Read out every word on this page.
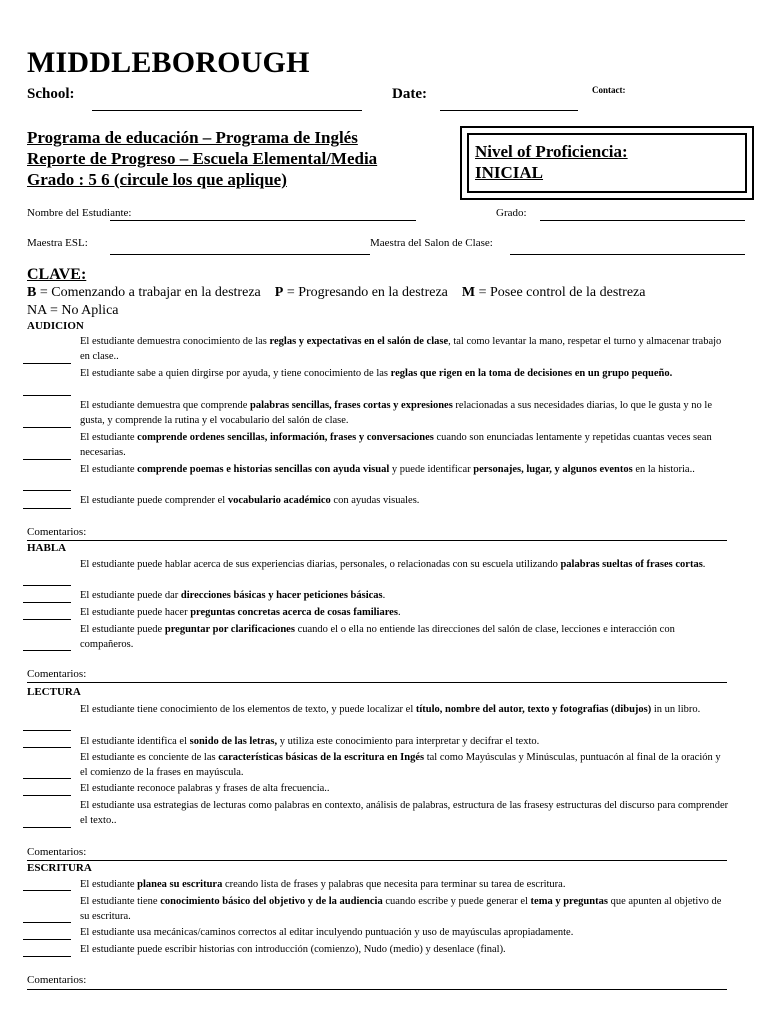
MIDDLEBOROUGH
School:	Date:	Contact:
Programa de educación – Programa de Inglés
Reporte de Progreso – Escuela Elemental/Media
Grado : 5 6 (circule los que aplique)
Nivel of Proficiencia:
INICIAL
Nombre del Estudiante:	Grado:
Maestra ESL:	Maestra del Salon de Clase:
CLAVE:
B = Comenzando a trabajar en la destreza P = Progresando en la destreza M = Posee control de la destreza
NA = No Aplica
AUDICION
El estudiante demuestra conocimiento de las reglas y expectativas en el salón de clase, tal como levantar la mano, respetar el turno y almacenar trabajo en clase..
El estudiante sabe a quien dirgirse por ayuda, y tiene conocimiento de las reglas que rigen en la toma de decisiones en un grupo pequeño.
El estudiante demuestra que comprende palabras sencillas, frases cortas y expresiones relacionadas a sus necesidades diarias, lo que le gusta y no le gusta, y comprende la rutina y el vocabulario del salón de clase.
El estudiante comprende ordenes sencillas, información, frases y conversaciones cuando son enunciadas lentamente y repetidas cuantas veces sean necesarias.
El estudiante comprende poemas e historias sencillas con ayuda visual y puede identificar personajes, lugar, y algunos eventos en la historia..
El estudiante puede comprender el vocabulario académico con ayudas visuales.
Comentarios:
HABLA
El estudiante puede hablar acerca de sus experiencias diarias, personales, o relacionadas con su escuela utilizando palabras sueltas of frases cortas.
El estudiante puede dar direcciones básicas y hacer peticiones básicas.
El estudiante puede hacer preguntas concretas acerca de cosas familiares.
El estudiante puede preguntar por clarificaciones cuando el o ella no entiende las direcciones del salón de clase, lecciones e interacción con compañeros.
Comentarios:
LECTURA
El estudiante tiene conocimiento de los elementos de texto, y puede localizar el título, nombre del autor, texto y fotografias (dibujos) in un libro.
El estudiante identifica el sonido de las letras, y utiliza este conocimiento para interpretar y decifrar el texto.
El estudiante es conciente de las características básicas de la escritura en Ingés tal como Mayúsculas y Minúsculas, puntuacón al final de la oración y el comienzo de la frases en mayúscula.
El estudiante reconoce palabras y frases de alta frecuencia..
El estudiante usa estrategias de lecturas como palabras en contexto, análisis de palabras, estructura de las frasesy estructuras del discurso para comprender el texto..
Comentarios:
ESCRITURA
El estudiante planea su escritura creando lista de frases y palabras que necesita para terminar su tarea de escritura.
El estudiante tiene conocimiento básico del objetivo y de la audiencia cuando escribe y puede generar el tema y preguntas que apunten al objetivo de su escritura.
El estudiante usa mecánicas/caminos correctos al editar inculyendo puntuación y uso de mayúsculas apropiadamente.
El estudiante puede escribir historias con introducción (comienzo), Nudo (medio) y desenlace (final).
Comentarios:
